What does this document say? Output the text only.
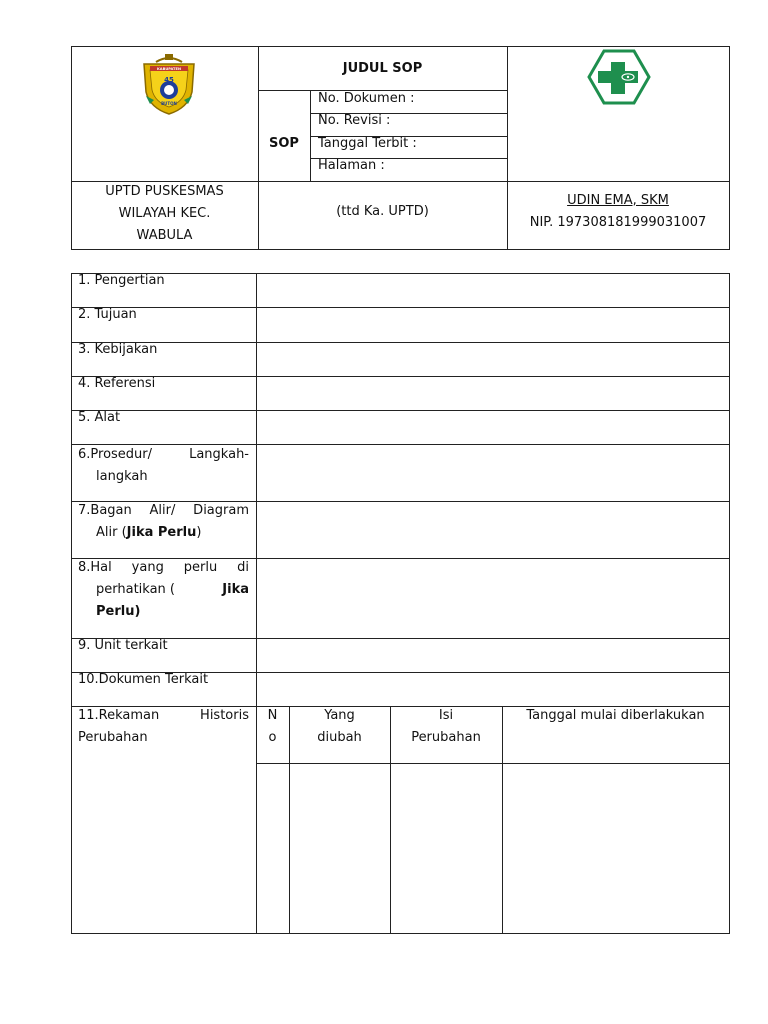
45
KABUPATEN
BUTON
JUDUL SOP
SOP
No. Dokumen :
No. Revisi :
Tanggal Terbit :
Halaman :
UPTD PUSKESMAS
WILAYAH KEC.
WABULA
(ttd Ka. UPTD)
UDIN EMA, SKM
NIP. 197308181999031007
1. Pengertian
2. Tujuan
3. Kebijakan
4. Referensi
5. Alat
6.Prosedur/ Langkah-
langkah
7.Bagan Alir/ Diagram
Alir (Jika Perlu)
8.Hal yang perlu di
perhatikan (	Jika
Perlu)
9. Unit terkait
10.Dokumen Terkait
11.Rekaman Historis
Perubahan
N
o
Yang
diubah
Isi
Perubahan
Tanggal mulai diberlakukan
